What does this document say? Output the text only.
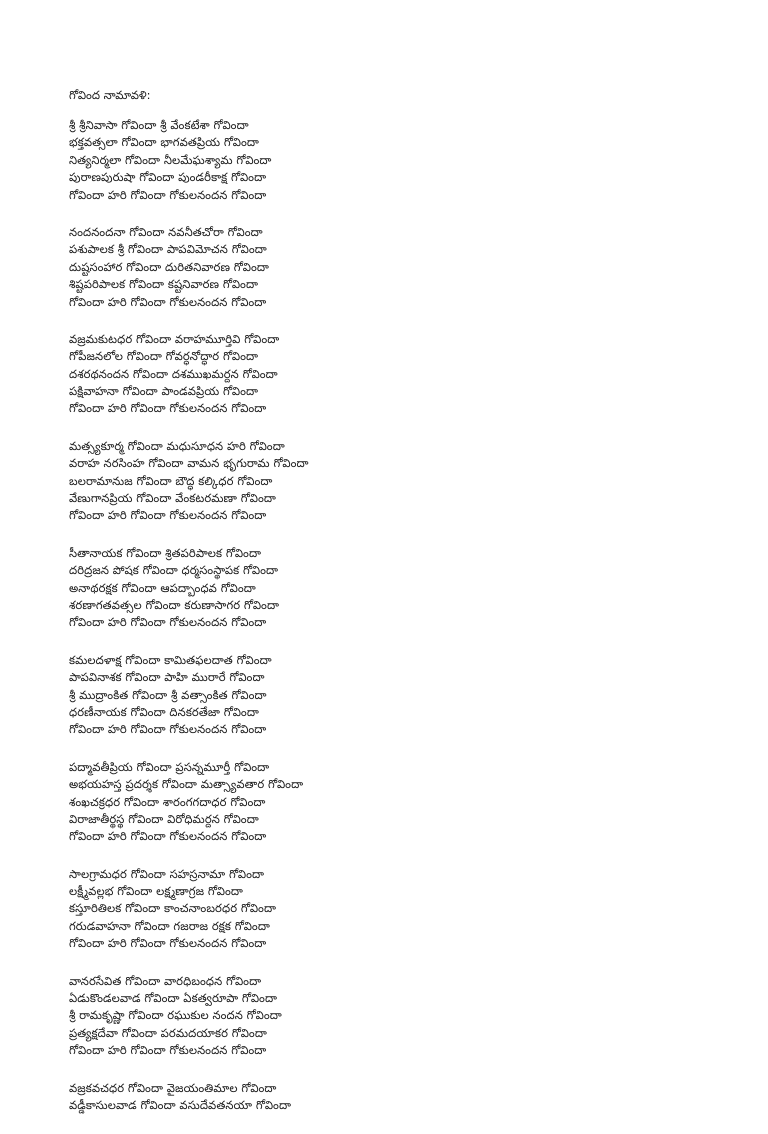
గోవింద నామావళి:
శ్రీ శ్రీనివాసా గోవిందా శ్రీ వేంకటేశా గోవిందా
భక్తవత్సలా గోవిందా భాగవతప్రియ గోవిందా
నిత్యనిర్మలా గోవిందా నీలమేఘశ్యామ గోవిందా
పురాణపురుషా గోవిందా పుండరీకాక్ష గోవిందా
గోవిందా హరి గోవిందా గోకులనందన గోవిందా
నందనందనా గోవిందా నవనీతచోరా గోవిందా
పశుపాలక శ్రీ గోవిందా పాపవిమోచన గోవిందా
దుష్టసంహార గోవిందా దురితనివారణ గోవిందా
శిష్టపరిపాలక గోవిందా కష్టనివారణ గోవిందా
గోవిందా హరి గోవిందా గోకులనందన గోవిందా
వజ్రమకుటధర గోవిందా వరాహమూర్తివి గోవిందా
గోపీజనలోల గోవిందా గోవర్ధనోద్ధార గోవిందా
దశరథనందన గోవిందా దశముఖమర్దన గోవిందా
పక్షివాహనా గోవిందా పాండవప్రియ గోవిందా
గోవిందా హరి గోవిందా గోకులనందన గోవిందా
మత్స్యకూర్మ గోవిందా మధుసూధన హరి గోవిందా
వరాహ నరసింహ గోవిందా వామన భృగురామ గోవిందా
బలరామానుజ గోవిందా బౌద్ధ కల్కిధర గోవిందా
వేణుగానప్రియ గోవిందా వేంకటరమణా గోవిందా
గోవిందా హరి గోవిందా గోకులనందన గోవిందా
సీతానాయక గోవిందా శ్రితపరిపాలక గోవిందా
దరిద్రజన పోషక గోవిందా ధర్మసంస్థాపక గోవిందా
అనాథరక్షక గోవిందా ఆపద్బాంధవ గోవిందా
శరణాగతవత్సల గోవిందా కరుణాసాగర గోవిందా
గోవిందా హరి గోవిందా గోకులనందన గోవిందా
కమలదళాక్ష గోవిందా కామితఫలదాత గోవిందా
పాపవినాశక గోవిందా పాహి మురారే గోవిందా
శ్రీ ముద్రాంకిత గోవిందా శ్రీ వత్సాంకిత గోవిందా
ధరణీనాయక గోవిందా దినకరతేజా గోవిందా
గోవిందా హరి గోవిందా గోకులనందన గోవిందా
పద్మావతీప్రియ గోవిందా ప్రసన్నమూర్తీ గోవిందా
అభయహస్త ప్రదర్శక గోవిందా మత్స్యావతార గోవిందా
శంఖచక్రధర గోవిందా శారంగగదాధర గోవిందా
విరాజాతీర్థస్థ గోవిందా విరోధిమర్దన గోవిందా
గోవిందా హరి గోవిందా గోకులనందన గోవిందా
సాలగ్రామధర గోవిందా సహస్రనామా గోవిందా
లక్ష్మీవల్లభ గోవిందా లక్ష్మణాగ్రజ గోవిందా
కస్తూరితిలక గోవిందా కాంచనాంబరధర గోవిందా
గరుడవాహనా గోవిందా గజరాజ రక్షక గోవిందా
గోవిందా హరి గోవిందా గోకులనందన గోవిందా
వానరసేవిత గోవిందా వారధిబంధన గోవిందా
ఏడుకొండలవాడ గోవిందా ఏకత్వరూపా గోవిందా
శ్రీ రామకృష్ణా గోవిందా రఘుకుల నందన గోవిందా
ప్రత్యక్షదేవా గోవిందా పరమదయాకర గోవిందా
గోవిందా హరి గోవిందా గోకులనందన గోవిందా
వజ్రకవచధర గోవిందా వైజయంతిమాల గోవిందా
వడ్డీకాసులవాడ గోవిందా వసుదేవతనయా గోవిందా
